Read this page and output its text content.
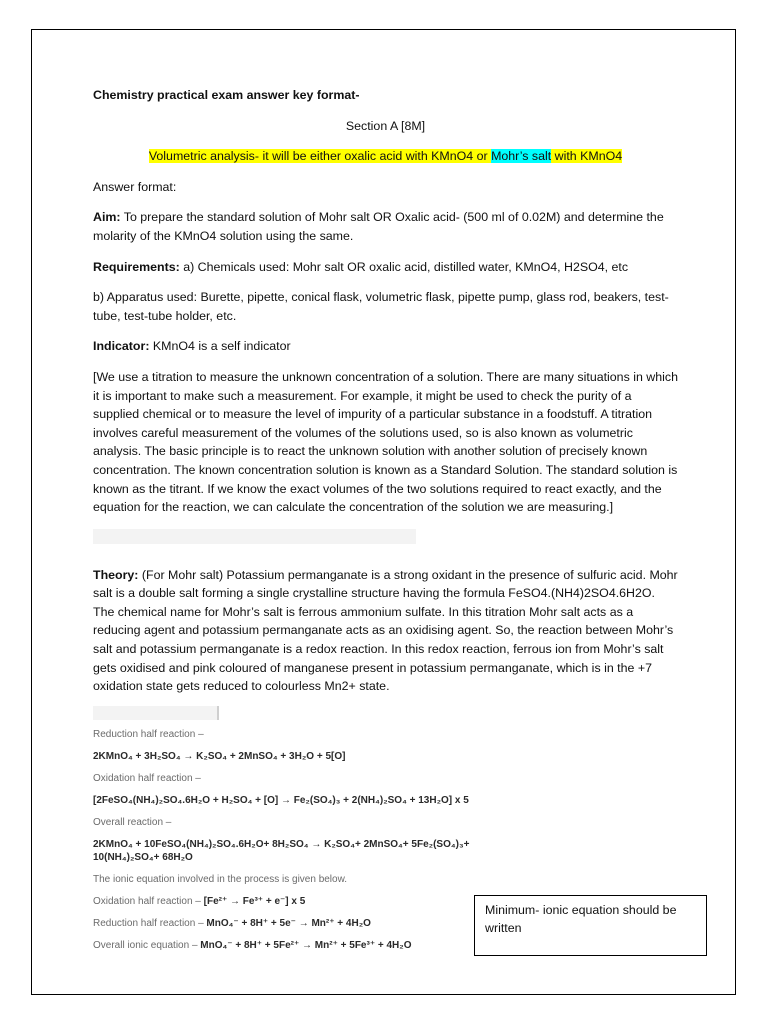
Chemistry practical exam answer key format-

Section A [8M]

Volumetric analysis- it will be either oxalic acid with KMnO4 or Mohr’s salt with KMnO4

Answer format:

Aim: To prepare the standard solution of Mohr salt OR Oxalic acid- (500 ml of 0.02M) and determine the molarity of the KMnO4 solution using the same.

Requirements: a) Chemicals used: Mohr salt OR oxalic acid, distilled water, KMnO4, H2SO4, etc

b) Apparatus used: Burette, pipette, conical flask, volumetric flask, pipette pump, glass rod, beakers, test-tube, test-tube holder, etc.

Indicator: KMnO4 is a self indicator

[We use a titration to measure the unknown concentration of a solution. There are many situations in which it is important to make such a measurement. For example, it might be used to check the purity of a supplied chemical or to measure the level of impurity of a particular substance in a foodstuff. A titration involves careful measurement of the volumes of the solutions used, so is also known as volumetric analysis. The basic principle is to react the unknown solution with another solution of precisely known concentration. The known concentration solution is known as a Standard Solution. The standard solution is known as the titrant. If we know the exact volumes of the two solutions required to react exactly, and the equation for the reaction, we can calculate the concentration of the solution we are measuring.]

Theory: (For Mohr salt) Potassium permanganate is a strong oxidant in the presence of sulfuric acid. Mohr salt is a double salt forming a single crystalline structure having the formula FeSO4.(NH4)2SO4.6H2O. The chemical name for Mohr’s salt is ferrous ammonium sulfate. In this titration Mohr salt acts as a reducing agent and potassium permanganate acts as an oxidising agent. So, the reaction between Mohr’s salt and potassium permanganate is a redox reaction. In this redox reaction, ferrous ion from Mohr’s salt gets oxidised and pink coloured of manganese present in potassium permanganate, which is in the +7 oxidation state gets reduced to colourless Mn2+ state.

Reduction half reaction –
2KMnO₄ + 3H₂SO₄ → K₂SO₄ + 2MnSO₄ + 3H₂O + 5[O]
Oxidation half reaction –
[2FeSO₄(NH₄)₂SO₄.6H₂O + H₂SO₄ + [O] → Fe₂(SO₄)₃ + 2(NH₄)₂SO₄ + 13H₂O] x 5
Overall reaction –
2KMnO₄ + 10FeSO₄(NH₄)₂SO₄.6H₂O+ 8H₂SO₄ → K₂SO₄+ 2MnSO₄+ 5Fe₂(SO₄)₃+
10(NH₄)₂SO₄+ 68H₂O
The ionic equation involved in the process is given below.
Oxidation half reaction – [Fe²⁺ → Fe³⁺ + e⁻] x 5
Reduction half reaction – MnO₄⁻ + 8H⁺ + 5e⁻ → Mn²⁺ + 4H₂O
Overall ionic equation – MnO₄⁻ + 8H⁺ + 5Fe²⁺ → Mn²⁺ + 5Fe³⁺ + 4H₂O
Minimum- ionic equation should be written
